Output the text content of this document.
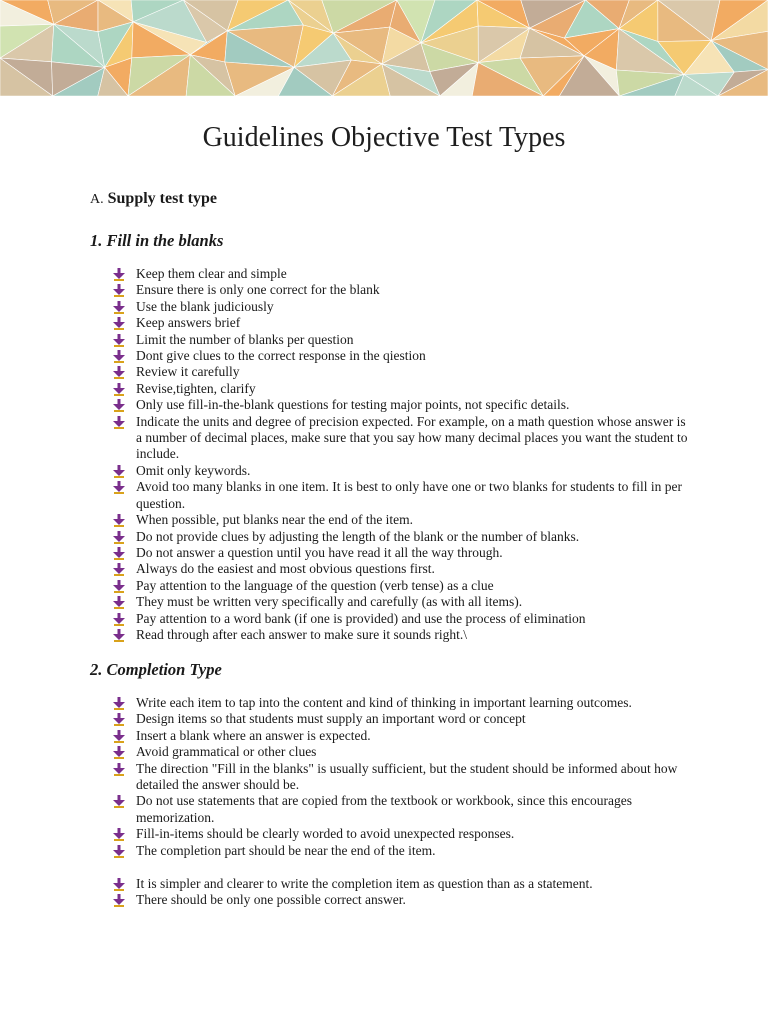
Guidelines Objective Test Types
A. Supply test type
1. Fill in the blanks
Keep them clear and simple
Ensure there is only one correct for the blank
Use the blank judiciously
Keep answers brief
Limit the number of blanks per question
Dont give clues to the correct response in the qiestion
Review it carefully
Revise,tighten, clarify
Only use fill-in-the-blank questions for testing major points, not specific details.
Indicate the units and degree of precision expected. For example, on a math question whose answer is a number of decimal places, make sure that you say how many decimal places you want the student to include.
Omit only keywords.
Avoid too many blanks in one item. It is best to only have one or two blanks for students to fill in per question.
When possible, put blanks near the end of the item.
Do not provide clues by adjusting the length of the blank or the number of blanks.
Do not answer a question until you have read it all the way through.
Always do the easiest and most obvious questions first.
Pay attention to the language of the question (verb tense) as a clue
They must be written very specifically and carefully (as with all items).
Pay attention to a word bank (if one is provided) and use the process of elimination
Read through after each answer to make sure it sounds right.\
2. Completion Type
Write each item to tap into the content and kind of thinking in important learning outcomes.
Design items so that students must supply an important word or concept
Insert a blank where an answer is expected.
Avoid grammatical or other clues
The direction "Fill in the blanks" is usually sufficient, but the student should be informed about how detailed the answer should be.
Do not use statements that are copied from the textbook or workbook, since this encourages memorization.
Fill-in-items should be clearly worded to avoid unexpected responses.
The completion part should be near the end of the item.
It is simpler and clearer to write the completion item as question than as a statement.
There should be only one possible correct answer.
